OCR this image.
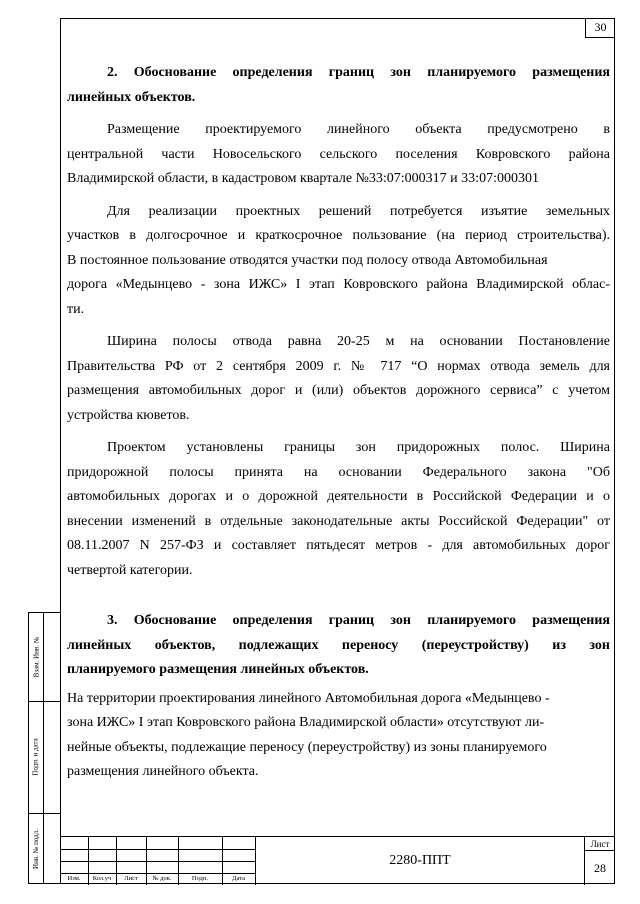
30
Взам. Инв. №
Подп. и дата
Инв. № подл.
2. Обоснование определения границ зон планируемого размещения
линейных объектов.
Размещение проектируемого линейного объекта предусмотрено в
центральной части Новосельского сельского поселения Ковровского района
Владимирской области, в кадастровом квартале №33:07:000317 и 33:07:000301
Для реализации проектных решений потребуется изъятие земельных
участков в долгосрочное и краткосрочное пользование (на период строительства).
В постоянное пользование отводятся участки под полосу отвода Автомобильная
дорога «Медынцево - зона ИЖС» I этап Ковровского района Владимирской облас-
ти.
Ширина полосы отвода равна 20-25 м на основании Постановление
Правительства РФ от 2 сентября 2009 г. № 717 “О нормах отвода земель для
размещения автомобильных дорог и (или) объектов дорожного сервиса” с учетом
устройства кюветов.
Проектом установлены границы зон придорожных полос. Ширина
придорожной полосы принята на основании Федерального закона "Об
автомобильных дорогах и о дорожной деятельности в Российской Федерации и о
внесении изменений в отдельные законодательные акты Российской Федерации" от
08.11.2007 N 257-ФЗ и составляет пятьдесят метров - для автомобильных дорог
четвертой категории.
3. Обоснование определения границ зон планируемого размещения
линейных объектов, подлежащих переносу (переустройству) из зон
планируемого размещения линейных объектов.
На территории проектирования линейного Автомобильная дорога «Медынцево -
зона ИЖС» I этап Ковровского района Владимирской области» отсутствуют ли-
нейные объекты, подлежащие переносу (переустройству) из зоны планируемого
размещения линейного объекта.
Изм.	Кол.уч	Лист	№ док.	Подп.	Дата
2280-ППТ
Лист
28
